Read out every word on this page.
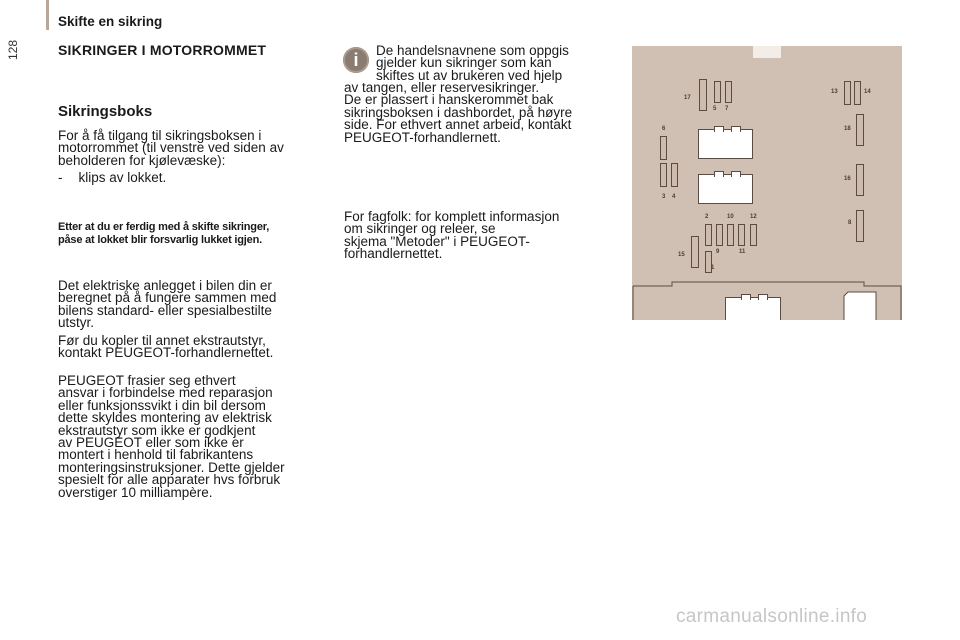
128
Skifte en sikring
SIKRINGER I MOTORROMMET
Sikringsboks
For å få tilgang til sikringsboksen i
motorrommet (til venstre ved siden av
beholderen for kjølevæske):
- klips av lokket.
Etter at du er ferdig med å skifte sikringer,
påse at lokket blir forsvarlig lukket igjen.
Det elektriske anlegget i bilen din er
beregnet på å fungere sammen med
bilens standard- eller spesialbestilte
utstyr.
Før du kopler til annet ekstrautstyr,
kontakt PEUGEOT-forhandlernettet.
PEUGEOT frasier seg ethvert
ansvar i forbindelse med reparasjon
eller funksjonssvikt i din bil dersom
dette skyldes montering av elektrisk
ekstrautstyr som ikke er godkjent
av PEUGEOT eller som ikke er
montert i henhold til fabrikantens
monteringsinstruksjoner. Dette gjelder
spesielt for alle apparater hvs forbruk
overstiger 10 milliampère.
i	De handelsnavnene som oppgis
gjelder kun sikringer som kan
skiftes ut av brukeren ved hjelp
av tangen, eller reservesikringer.
De er plassert i hanskerommet bak
sikringsboksen i dashbordet, på høyre
side. For ethvert annet arbeid, kontakt
PEUGEOT-forhandlernett.
For fagfolk: for komplett informasjon
om sikringer og releer, se
skjema "Metoder" i PEUGEOT-
forhandlernettet.
17
5 7
6
3 4
13	14
18
16
8
2	10	12
9	11
15
1
carmanualsonline.info
